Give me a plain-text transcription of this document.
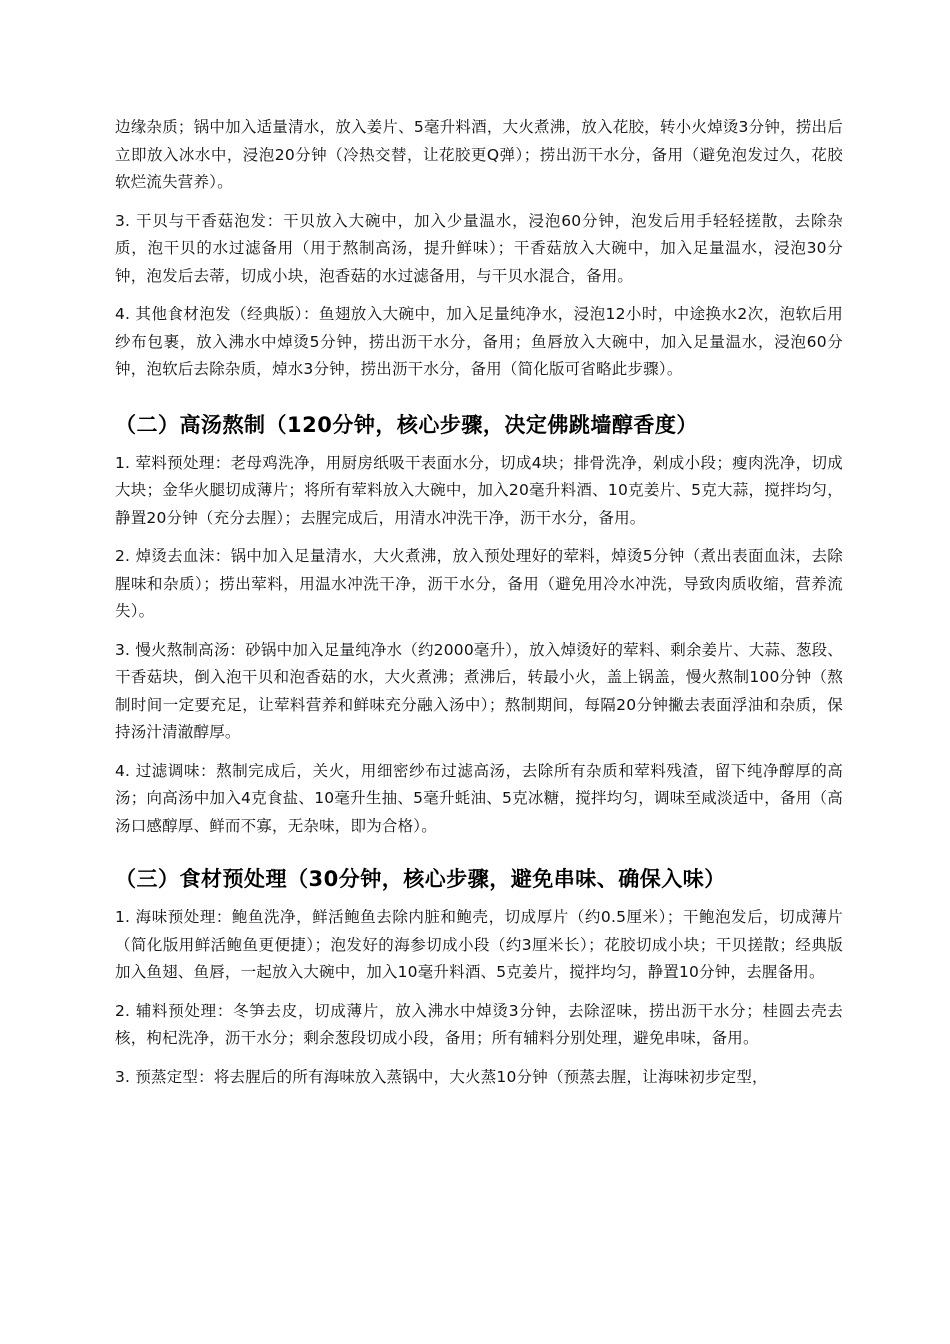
边缘杂质；锅中加入适量清水，放入姜片、5毫升料酒，大火煮沸，放入花胶，转小火焯烫3分钟，捞出后立即放入冰水中，浸泡20分钟（冷热交替，让花胶更Q弹）；捞出沥干水分，备用（避免泡发过久，花胶软烂流失营养）。

3. 干贝与干香菇泡发：干贝放入大碗中，加入少量温水，浸泡60分钟，泡发后用手轻轻搓散，去除杂质，泡干贝的水过滤备用（用于熬制高汤，提升鲜味）；干香菇放入大碗中，加入足量温水，浸泡30分钟，泡发后去蒂，切成小块，泡香菇的水过滤备用，与干贝水混合，备用。

4. 其他食材泡发（经典版）：鱼翅放入大碗中，加入足量纯净水，浸泡12小时，中途换水2次，泡软后用纱布包裹，放入沸水中焯烫5分钟，捞出沥干水分，备用；鱼唇放入大碗中，加入足量温水，浸泡60分钟，泡软后去除杂质，焯水3分钟，捞出沥干水分，备用（简化版可省略此步骤）。

（二）高汤熬制（120分钟，核心步骤，决定佛跳墙醇香度）

1. 荤料预处理：老母鸡洗净，用厨房纸吸干表面水分，切成4块；排骨洗净，剁成小段；瘦肉洗净，切成大块；金华火腿切成薄片；将所有荤料放入大碗中，加入20毫升料酒、10克姜片、5克大蒜，搅拌均匀，静置20分钟（充分去腥）；去腥完成后，用清水冲洗干净，沥干水分，备用。

2. 焯烫去血沫：锅中加入足量清水，大火煮沸，放入预处理好的荤料，焯烫5分钟（煮出表面血沫，去除腥味和杂质）；捞出荤料，用温水冲洗干净，沥干水分，备用（避免用冷水冲洗，导致肉质收缩，营养流失）。

3. 慢火熬制高汤：砂锅中加入足量纯净水（约2000毫升），放入焯烫好的荤料、剩余姜片、大蒜、葱段、干香菇块，倒入泡干贝和泡香菇的水，大火煮沸；煮沸后，转最小火，盖上锅盖，慢火熬制100分钟（熬制时间一定要充足，让荤料营养和鲜味充分融入汤中）；熬制期间，每隔20分钟撇去表面浮油和杂质，保持汤汁清澈醇厚。

4. 过滤调味：熬制完成后，关火，用细密纱布过滤高汤，去除所有杂质和荤料残渣，留下纯净醇厚的高汤；向高汤中加入4克食盐、10毫升生抽、5毫升蚝油、5克冰糖，搅拌均匀，调味至咸淡适中，备用（高汤口感醇厚、鲜而不寡，无杂味，即为合格）。

（三）食材预处理（30分钟，核心步骤，避免串味、确保入味）

1. 海味预处理：鲍鱼洗净，鲜活鲍鱼去除内脏和鲍壳，切成厚片（约0.5厘米）；干鲍泡发后，切成薄片（简化版用鲜活鲍鱼更便捷）；泡发好的海参切成小段（约3厘米长）；花胶切成小块；干贝搓散；经典版加入鱼翅、鱼唇，一起放入大碗中，加入10毫升料酒、5克姜片，搅拌均匀，静置10分钟，去腥备用。

2. 辅料预处理：冬笋去皮，切成薄片，放入沸水中焯烫3分钟，去除涩味，捞出沥干水分；桂圆去壳去核，枸杞洗净，沥干水分；剩余葱段切成小段，备用；所有辅料分别处理，避免串味，备用。

3. 预蒸定型：将去腥后的所有海味放入蒸锅中，大火蒸10分钟（预蒸去腥，让海味初步定型，
